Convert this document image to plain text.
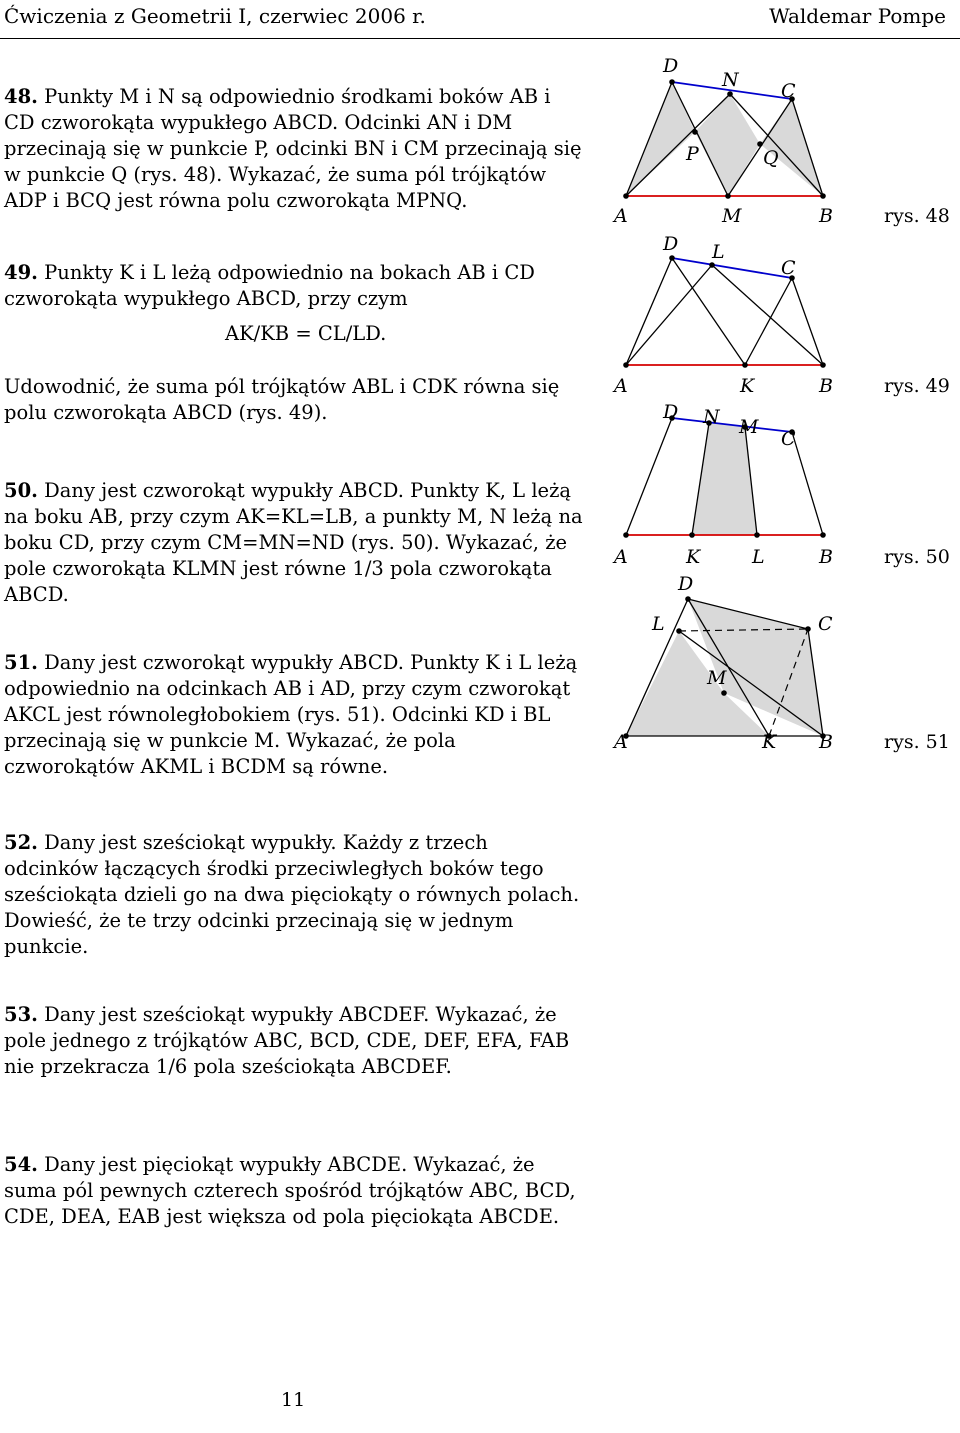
Ćwiczenia z Geometrii I, czerwiec 2006 r.	Waldemar Pompe
48. Punkty M i N są odpowiednio środkami boków AB i CD czworokąta wypukłego ABCD. Odcinki AN i DM przecinają się w punkcie P, odcinki BN i CM przecinają się w punkcie Q (rys. 48). Wykazać, że suma pól trójkątów ADP i BCQ jest równa polu czworokąta MPNQ.
49. Punkty K i L leżą odpowiednio na bokach AB i CD czworokąta wypukłego ABCD, przy czym
AK/KB = CL/LD.
Udowodnić, że suma pól trójkątów ABL i CDK równa się polu czworokąta ABCD (rys. 49).
50. Dany jest czworokąt wypukły ABCD. Punkty K, L leżą na boku AB, przy czym AK=KL=LB, a punkty M, N leżą na boku CD, przy czym CM=MN=ND (rys. 50). Wykazać, że pole czworokąta KLMN jest równe 1/3 pola czworokąta ABCD.
51. Dany jest czworokąt wypukły ABCD. Punkty K i L leżą odpowiednio na odcinkach AB i AD, przy czym czworokąt AKCL jest równoległobokiem (rys. 51). Odcinki KD i BL przecinają się w punkcie M. Wykazać, że pola czworokątów AKML i BCDM są równe.
52. Dany jest sześciokąt wypukły. Każdy z trzech odcinków łączących środki przeciwległych boków tego sześciokąta dzieli go na dwa pięciokąty o równych polach. Dowieść, że te trzy odcinki przecinają się w jednym punkcie.
53. Dany jest sześciokąt wypukły ABCDEF. Wykazać, że pole jednego z trójkątów ABC, BCD, CDE, DEF, EFA, FAB nie przekracza 1/6 pola sześciokąta ABCDEF.
54. Dany jest pięciokąt wypukły ABCDE. Wykazać, że suma pól pewnych czterech spośród trójkątów ABC, BCD, CDE, DEA, EAB jest większa od pola pięciokąta ABCDE.
A	M	B
D
N C
P	Q
rys. 48
A	K	B
D L
C
rys. 49
A	K	L	B
D N M
C
rys. 50
A	K B
D
L	C
M
rys. 51
11
